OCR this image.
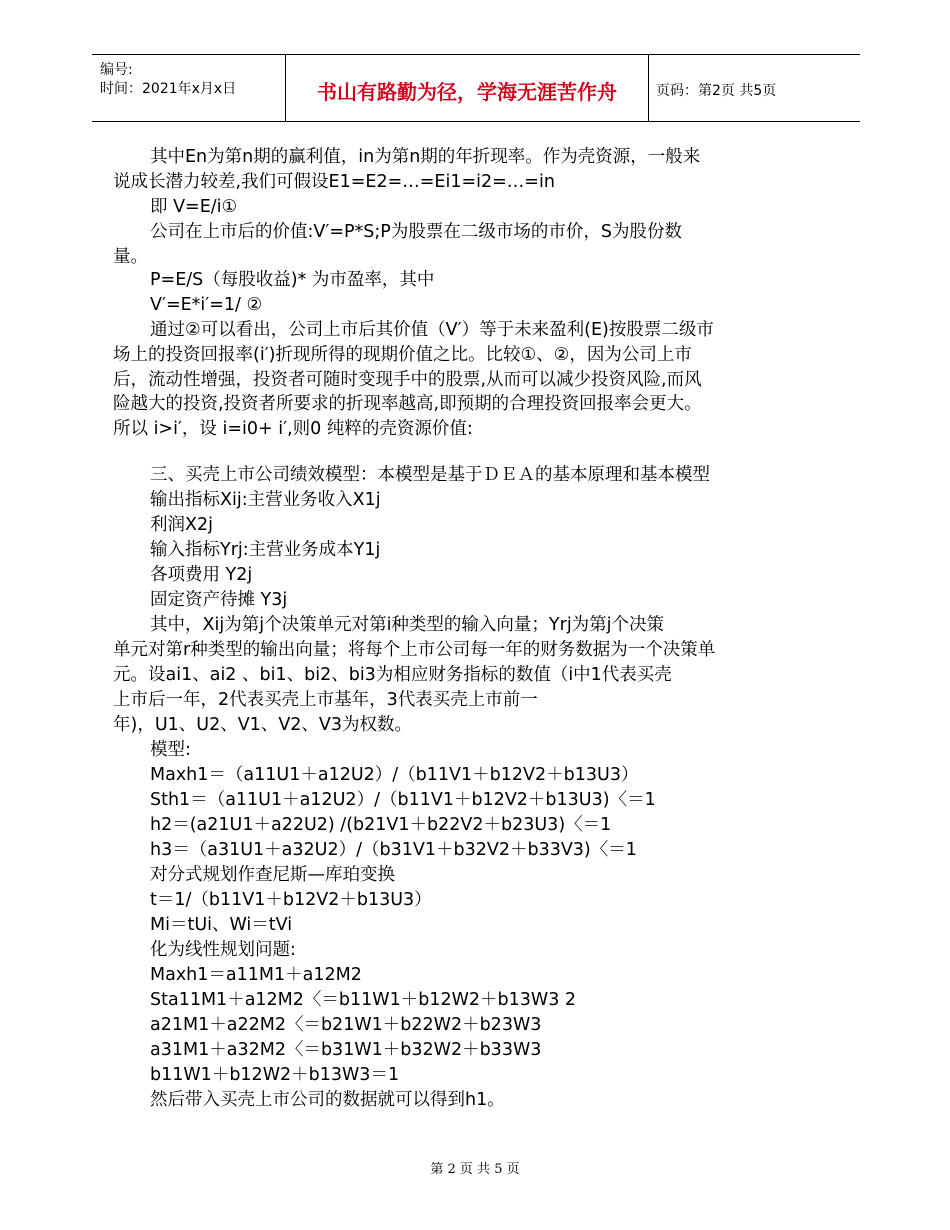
编号:
时间：2021年x月x日	书山有路勤为径，学海无涯苦作舟	页码：第2页 共5页
其中En为第n期的赢利值，in为第n期的年折现率。作为壳资源，一般来
说成长潜力较差,我们可假设E1=E2=…=Ei1=i2=…=in
即 V=E/i①
公司在上市后的价值:V′=P*S;P为股票在二级市场的市价，S为股份数
量。
P=E/S（每股收益)* 为市盈率，其中
V′=E*i′=1/ ②
通过②可以看出，公司上市后其价值（V′）等于未来盈利(E)按股票二级市
场上的投资回报率(i′)折现所得的现期价值之比。比较①、②，因为公司上市
后，流动性增强，投资者可随时变现手中的股票,从而可以减少投资风险,而风
险越大的投资,投资者所要求的折现率越高,即预期的合理投资回报率会更大。
所以 i>i′，设 i=i0+ i′,则0 纯粹的壳资源价值:
三、买壳上市公司绩效模型：本模型是基于ＤＥＡ的基本原理和基本模型
输出指标Xij:主营业务收入X1j
利润X2j
输入指标Yrj:主营业务成本Y1j
各项费用 Y2j
固定资产待摊 Y3j
其中，Xij为第j个决策单元对第i种类型的输入向量；Yrj为第j个决策
单元对第r种类型的输出向量；将每个上市公司每一年的财务数据为一个决策单
元。设ai1、ai2 、bi1、bi2、bi3为相应财务指标的数值（i中1代表买壳
上市后一年，2代表买壳上市基年，3代表买壳上市前一
年)，U1、U2、V1、V2、V3为权数。
模型:
Maxh1＝（a11U1＋a12U2）/（b11V1＋b12V2＋b13U3）
Sth1＝（a11U1＋a12U2）/（b11V1＋b12V2＋b13U3)〈＝1
h2＝(a21U1＋a22U2) /(b21V1＋b22V2＋b23U3)〈＝1
h3＝（a31U1＋a32U2）/（b31V1＋b32V2＋b33V3)〈＝1
对分式规划作查尼斯—库珀变换
t＝1/（b11V1＋b12V2＋b13U3）
Mi＝tUi、Wi＝tVi
化为线性规划问题:
Maxh1＝a11M1＋a12M2
Sta11M1＋a12M2〈＝b11W1＋b12W2＋b13W3 2
a21M1＋a22M2〈＝b21W1＋b22W2＋b23W3
a31M1＋a32M2〈＝b31W1＋b32W2＋b33W3
b11W1＋b12W2＋b13W3＝1
然后带入买壳上市公司的数据就可以得到h1。
第 2 页 共 5 页
